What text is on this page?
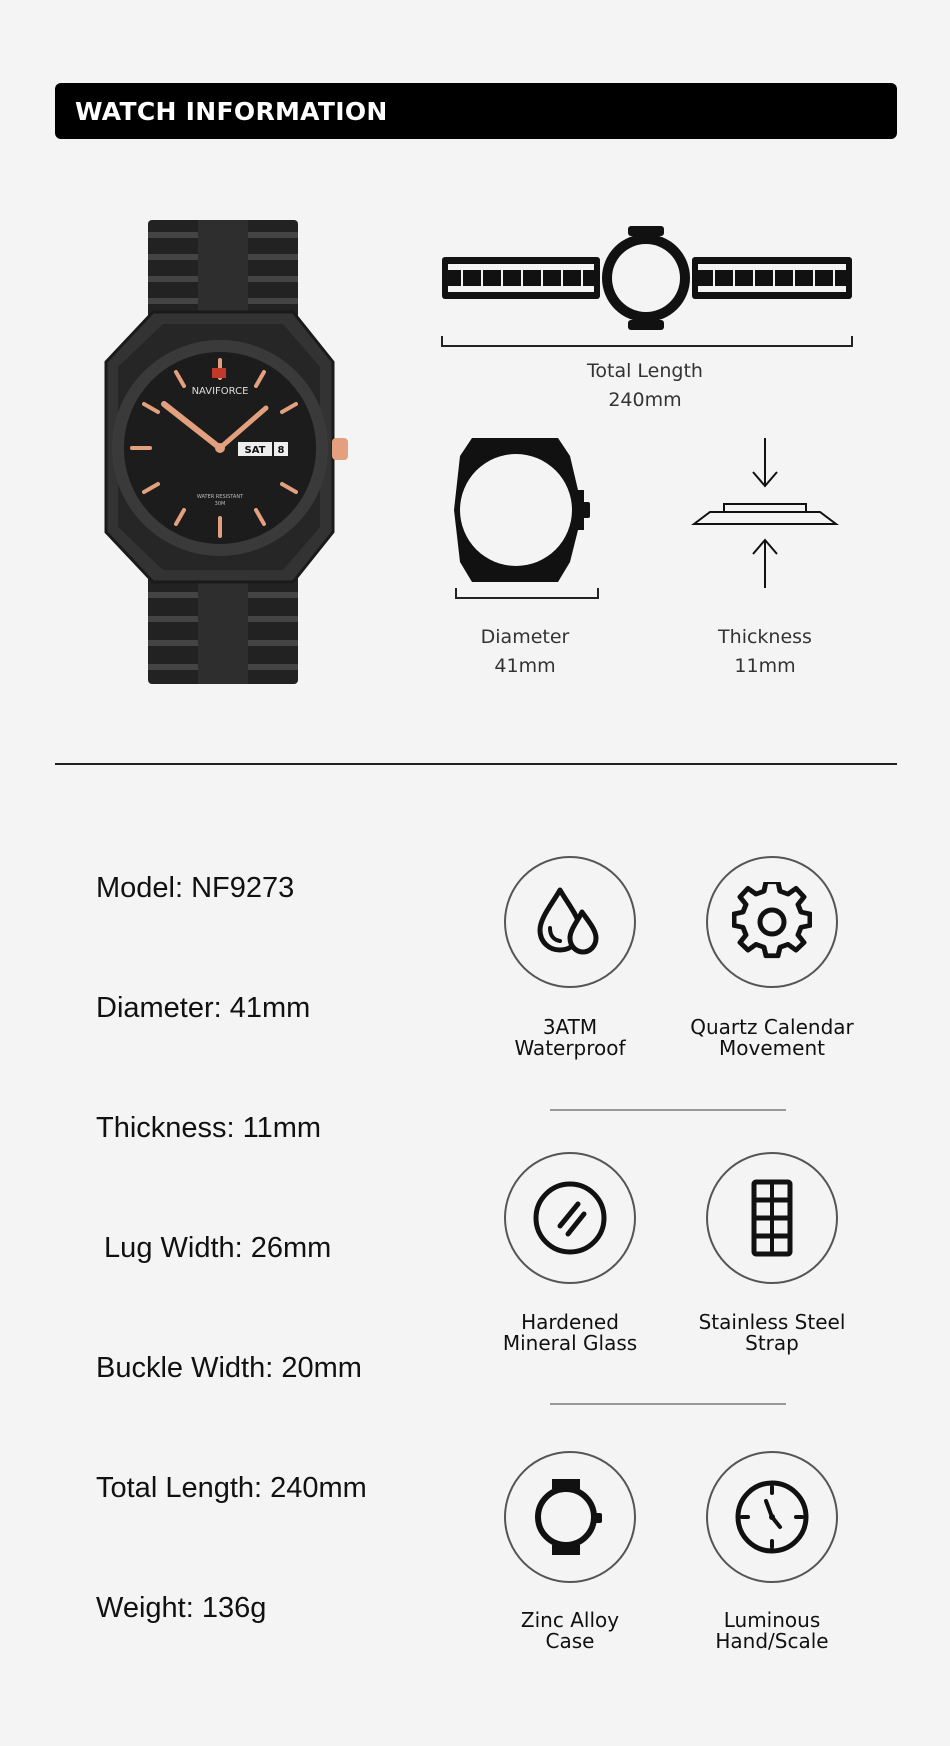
WATCH INFORMATION
NAVIFORCE
SAT 8
WATER RESISTANT
30M
Total Length
240mm
Diameter
41mm
Thickness
11mm
Model: NF9273
Diameter: 41mm
Thickness: 11mm
Lug Width: 26mm
Buckle Width: 20mm
Total Length: 240mm
Weight: 136g
3ATM
Waterproof
Quartz Calendar
Movement
Hardened
Mineral Glass
Stainless Steel
Strap
Zinc Alloy
Case
Luminous
Hand/Scale
